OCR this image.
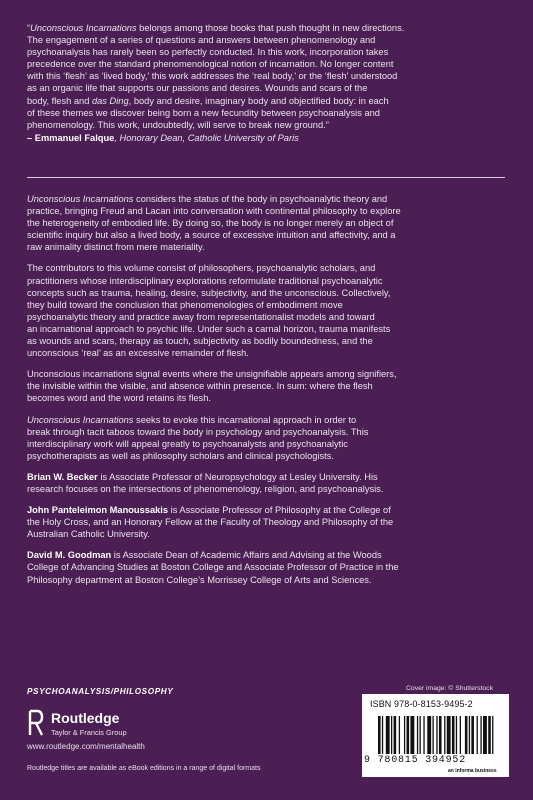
“Unconscious Incarnations belongs among those books that push thought in new directions.
The engagement of a series of questions and answers between phenomenology and
psychoanalysis has rarely been so perfectly conducted. In this work, incorporation takes
precedence over the standard phenomenological notion of incarnation. No longer content
with this ‘flesh’ as ‘lived body,’ this work addresses the ‘real body,’ or the ‘flesh’ understood
as an organic life that supports our passions and desires. Wounds and scars of the
body, flesh and das Ding, body and desire, imaginary body and objectified body: in each
of these themes we discover being born a new fecundity between psychoanalysis and
phenomenology. This work, undoubtedly, will serve to break new ground.”
– Emmanuel Falque, Honorary Dean, Catholic University of Paris

Unconscious Incarnations considers the status of the body in psychoanalytic theory and
practice, bringing Freud and Lacan into conversation with continental philosophy to explore
the heterogeneity of embodied life. By doing so, the body is no longer merely an object of
scientific inquiry but also a lived body, a source of excessive intuition and affectivity, and a
raw animality distinct from mere materiality.

The contributors to this volume consist of philosophers, psychoanalytic scholars, and
practitioners whose interdisciplinary explorations reformulate traditional psychoanalytic
concepts such as trauma, healing, desire, subjectivity, and the unconscious. Collectively,
they build toward the conclusion that phenomenologies of embodiment move
psychoanalytic theory and practice away from representationalist models and toward
an incarnational approach to psychic life. Under such a carnal horizon, trauma manifests
as wounds and scars, therapy as touch, subjectivity as bodily boundedness, and the
unconscious ‘real’ as an excessive remainder of flesh.

Unconscious incarnations signal events where the unsignifiable appears among signifiers,
the invisible within the visible, and absence within presence. In sum: where the flesh
becomes word and the word retains its flesh.

Unconscious Incarnations seeks to evoke this incarnational approach in order to
break through tacit taboos toward the body in psychology and psychoanalysis. This
interdisciplinary work will appeal greatly to psychoanalysts and psychoanalytic
psychotherapists as well as philosophy scholars and clinical psychologists.

Brian W. Becker is Associate Professor of Neuropsychology at Lesley University. His
research focuses on the intersections of phenomenology, religion, and psychoanalysis.

John Panteleimon Manoussakis is Associate Professor of Philosophy at the College of
the Holy Cross, and an Honorary Fellow at the Faculty of Theology and Philosophy of the
Australian Catholic University.

David M. Goodman is Associate Dean of Academic Affairs and Advising at the Woods
College of Advancing Studies at Boston College and Associate Professor of Practice in the
Philosophy department at Boston College’s Morrissey College of Arts and Sciences.

PSYCHOANALYSIS/PHILOSOPHY
Routledge
Taylor & Francis Group
www.routledge.com/mentalhealth
Routledge titles are available as eBook editions in a range of digital formats
Cover image: © Shutterstock
ISBN 978-0-8153-9495-2
9 780815 394952
an informa business
